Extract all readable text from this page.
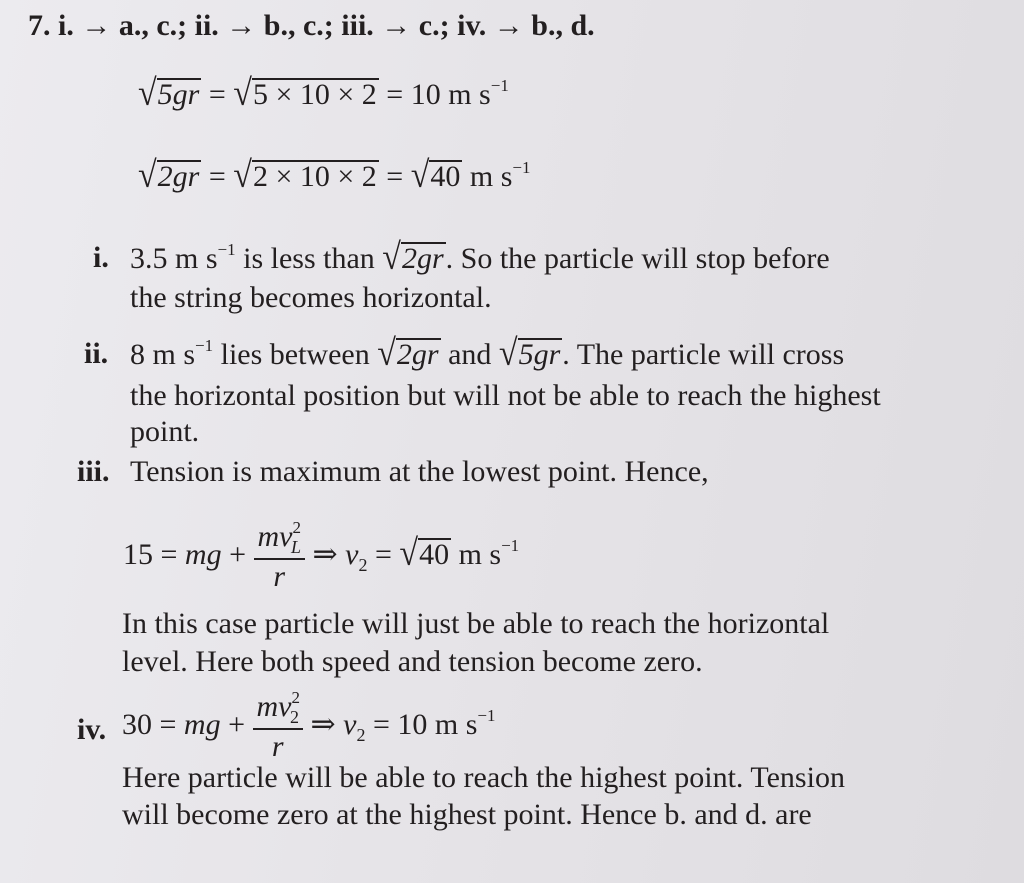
7. i. → a., c.; ii. → b., c.; iii. → c.; iv. → b., d.
√5gr = √5 × 10 × 2 = 10 m $s^{-1}$
√2gr = √2 × 10 × 2 = √40 m $s^{-1}$
i. 3.5 m $s^{-1}$ is less than √2gr. So the particle will stop before
the string becomes horizontal.
ii. 8 m $s^{-1}$ lies between √2gr and √5gr. The particle will cross
the horizontal position but will not be able to reach the highest
point.
iii. Tension is maximum at the lowest point. Hence,
15 = mg + $\frac{mv^2_L}{r}$ ⇒ $v_2 = √40$ m $s^{-1}$
In this case particle will just be able to reach the horizontal
level. Here both speed and tension become zero.
iv. 30 = mg + $\frac{mv^2_2}{r}$ ⇒ $v_2 = 10$ m $s^{-1}$
Here particle will be able to reach the highest point. Tension
will become zero at the highest point. Hence b. and d. are
